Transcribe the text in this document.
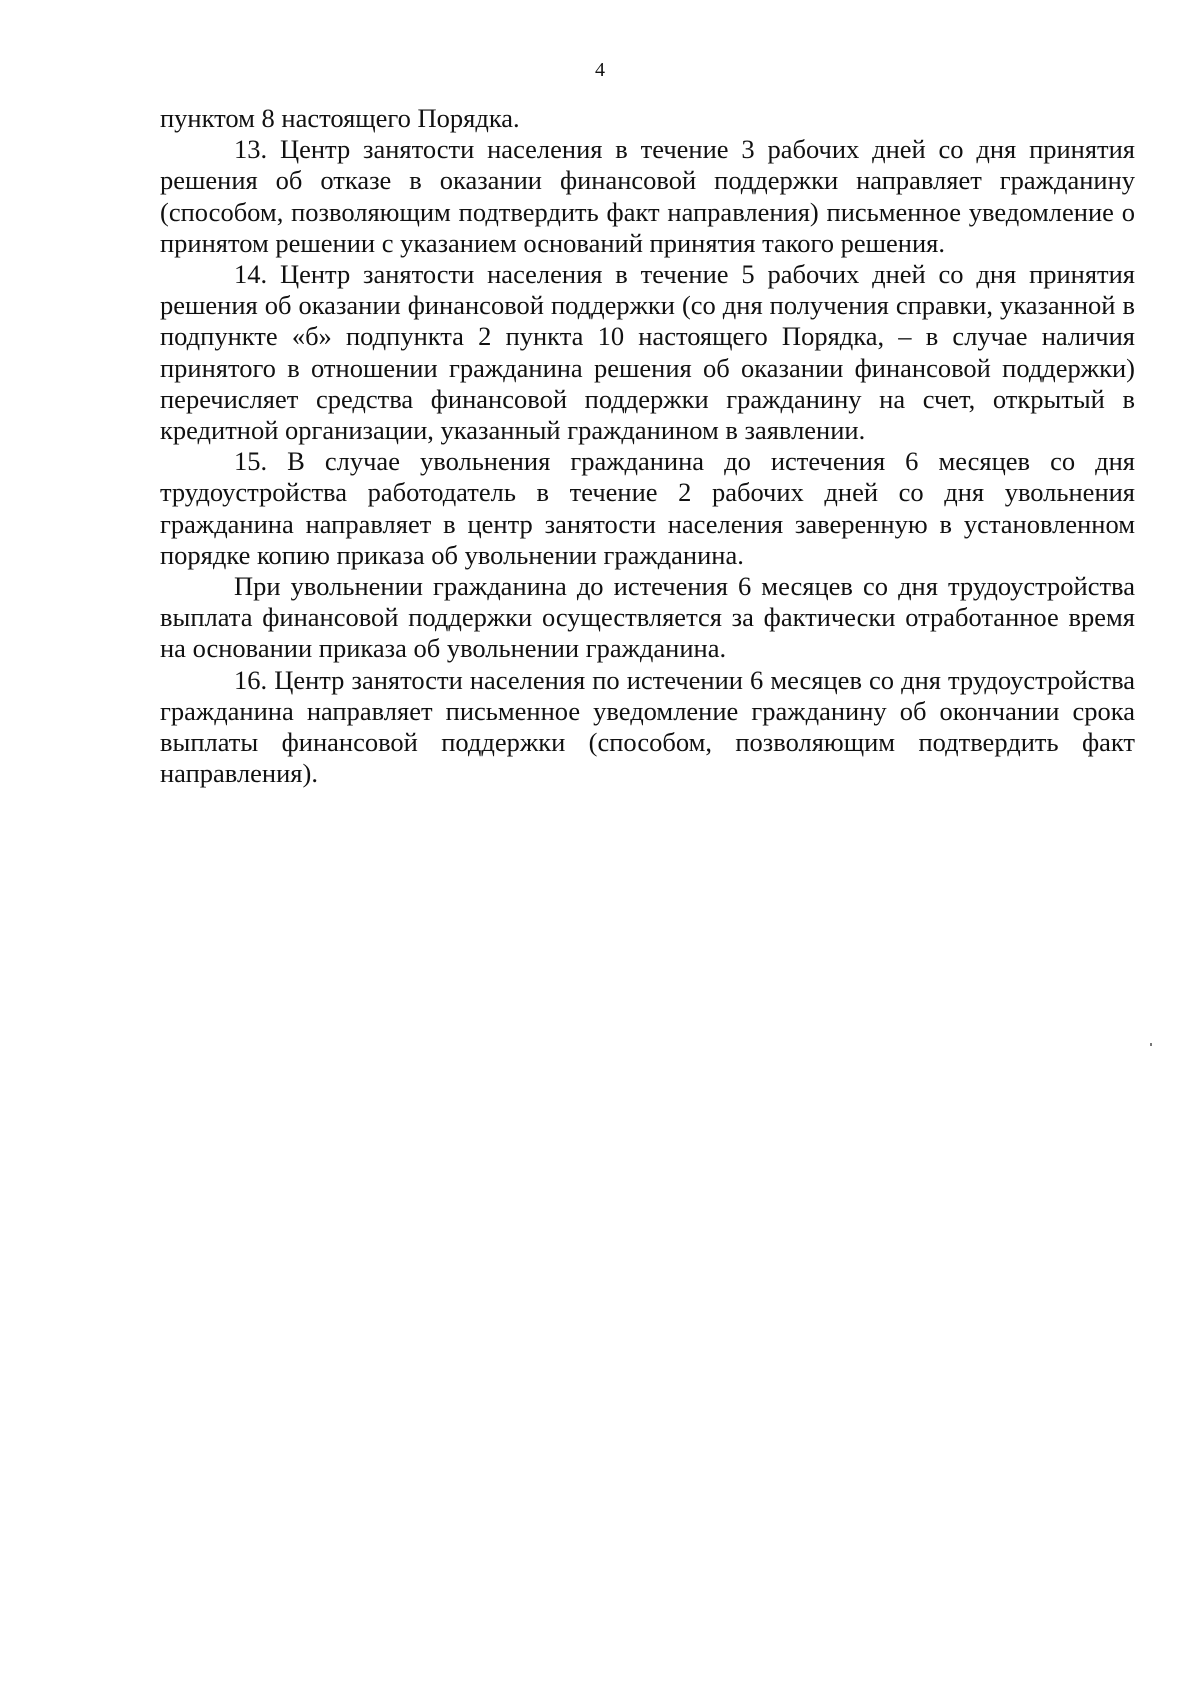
4

пунктом 8 настоящего Порядка.

13. Центр занятости населения в течение 3 рабочих дней со дня принятия решения об отказе в оказании финансовой поддержки направляет гражданину (способом, позволяющим подтвердить факт направления) письменное уведомление о принятом решении с указанием оснований принятия такого решения.

14. Центр занятости населения в течение 5 рабочих дней со дня принятия решения об оказании финансовой поддержки (со дня получения справки, указанной в подпункте «б» подпункта 2 пункта 10 настоящего Порядка, – в случае наличия принятого в отношении гражданина решения об оказании финансовой поддержки) перечисляет средства финансовой поддержки гражданину на счет, открытый в кредитной организации, указанный гражданином в заявлении.

15. В случае увольнения гражданина до истечения 6 месяцев со дня трудоустройства работодатель в течение 2 рабочих дней со дня увольнения гражданина направляет в центр занятости населения заверенную в установленном порядке копию приказа об увольнении гражданина.

При увольнении гражданина до истечения 6 месяцев со дня трудоустройства выплата финансовой поддержки осуществляется за фактически отработанное время на основании приказа об увольнении гражданина.

16. Центр занятости населения по истечении 6 месяцев со дня трудоустройства гражданина направляет письменное уведомление гражданину об окончании срока выплаты финансовой поддержки (способом, позволяющим подтвердить факт направления).
